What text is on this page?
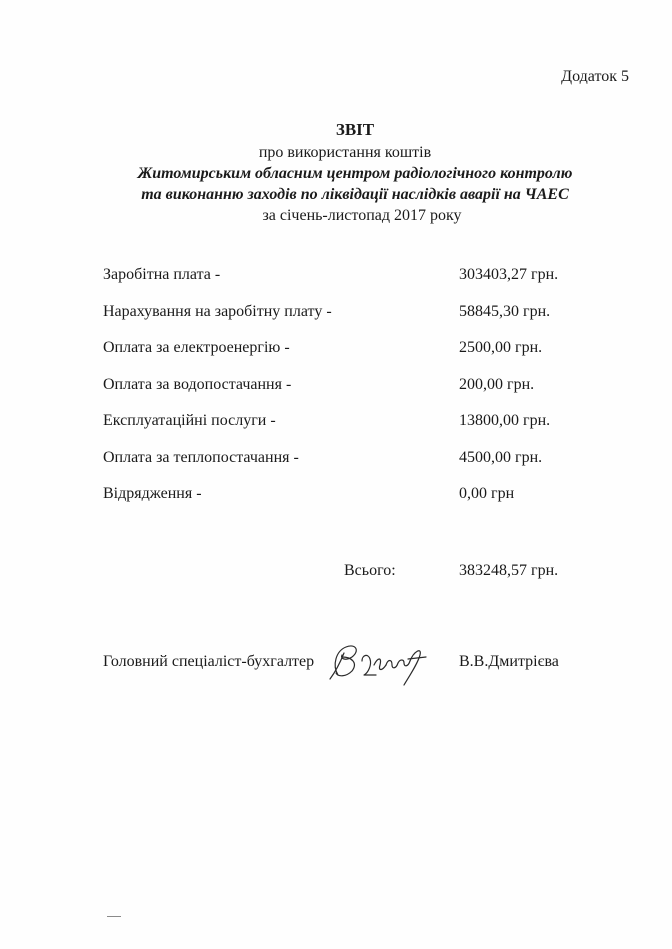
Додаток 5
ЗВІТ
про використання коштів
Житомирським обласним центром радіологічного контролю
та виконанню заходів по ліквідації наслідків аварії на ЧАЕС
за січень-листопад 2017 року
Заробітна плата -	303403,27 грн.
Нарахування на заробітну плату -	58845,30 грн.
Оплата за електроенергію -	2500,00 грн.
Оплата за водопостачання -	200,00 грн.
Експлуатаційні послуги -	13800,00 грн.
Оплата за теплопостачання -	4500,00 грн.
Відрядження -	0,00 грн
Всього:	383248,57 грн.
Головний спеціаліст-бухгалтер	В.В.Дмитрієва
